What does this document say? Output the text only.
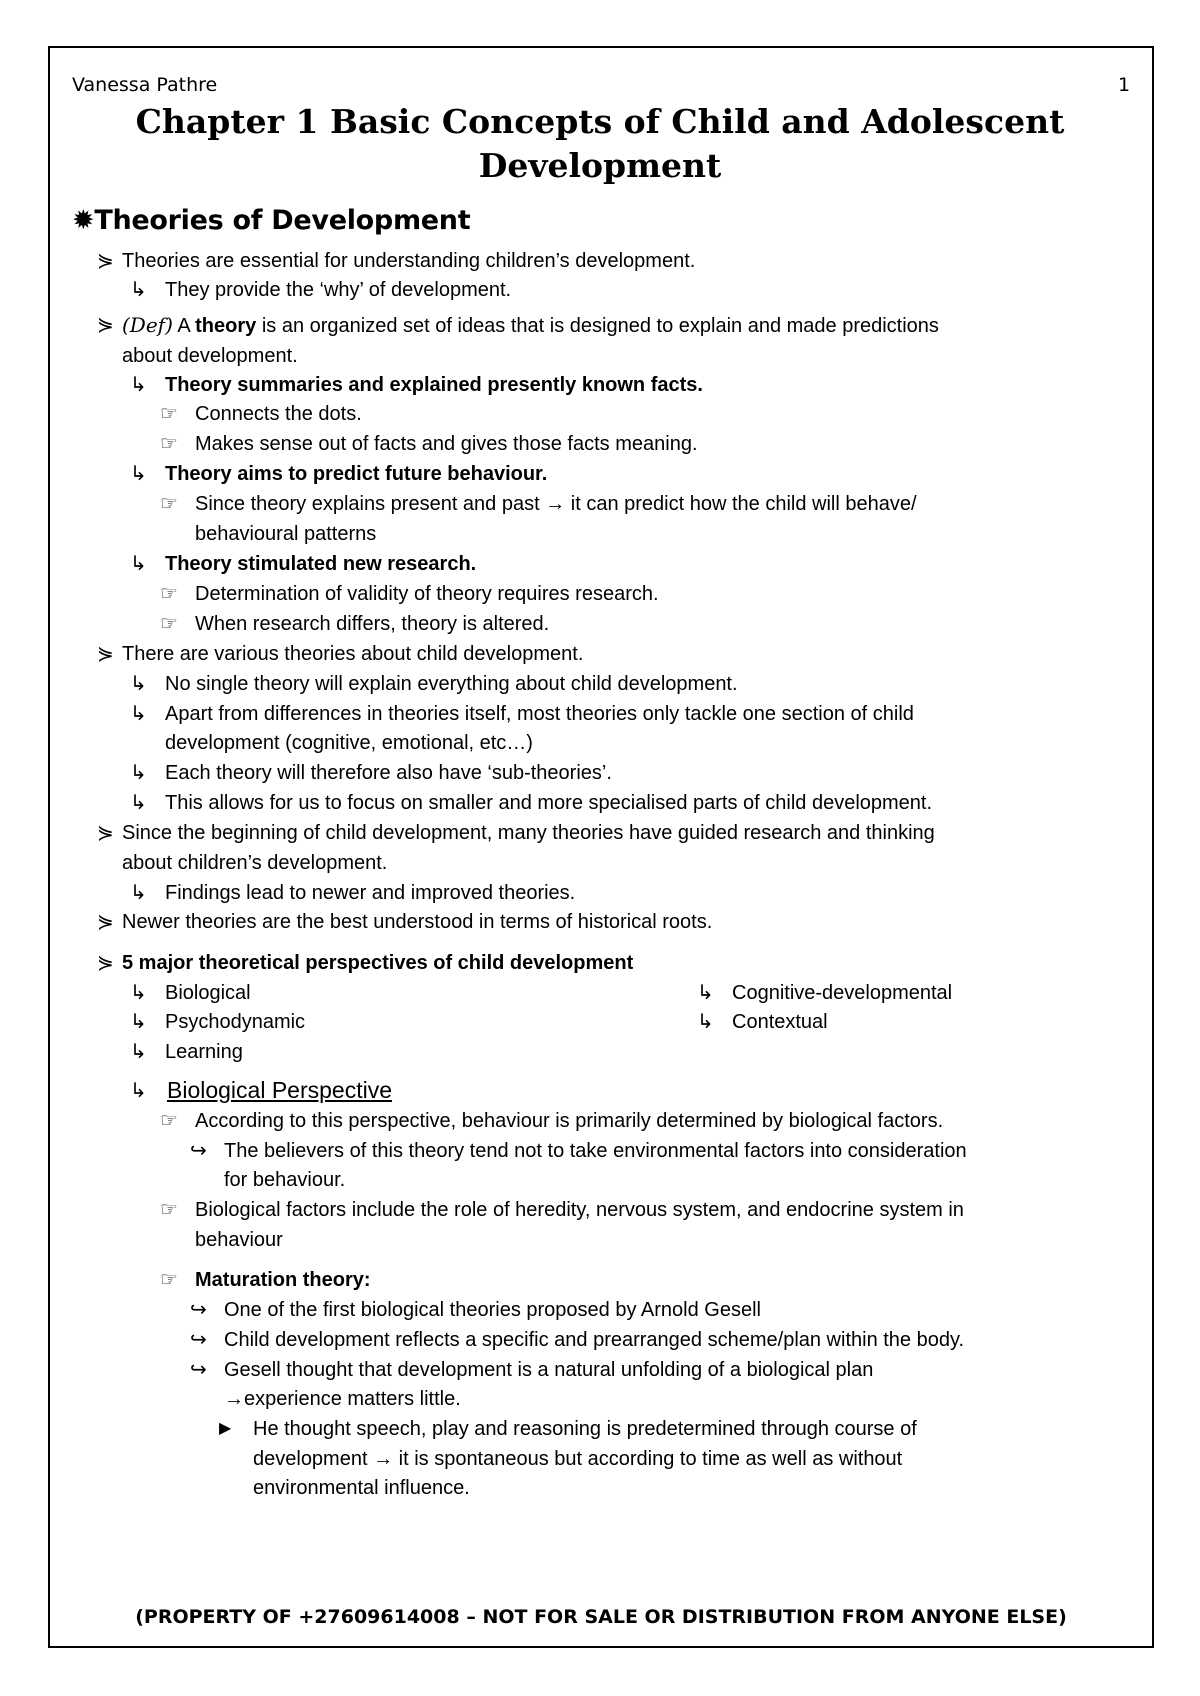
Vanessa Pathre	1
Chapter 1 Basic Concepts of Child and Adolescent
Development
✹Theories of Development
⋟ Theories are essential for understanding children’s development.
↳ They provide the ‘why’ of development.
⋟ (Def) A theory is an organized set of ideas that is designed to explain and made predictions
about development.
↳ Theory summaries and explained presently known facts.
☞ Connects the dots.
☞ Makes sense out of facts and gives those facts meaning.
↳ Theory aims to predict future behaviour.
☞ Since theory explains present and past → it can predict how the child will behave/
behavioural patterns
↳ Theory stimulated new research.
☞ Determination of validity of theory requires research.
☞ When research differs, theory is altered.
⋟ There are various theories about child development.
↳ No single theory will explain everything about child development.
↳ Apart from differences in theories itself, most theories only tackle one section of child
development (cognitive, emotional, etc…)
↳ Each theory will therefore also have ‘sub-theories’.
↳ This allows for us to focus on smaller and more specialised parts of child development.
⋟ Since the beginning of child development, many theories have guided research and thinking
about children’s development.
↳ Findings lead to newer and improved theories.
⋟ Newer theories are the best understood in terms of historical roots.
⋟ 5 major theoretical perspectives of child development
↳ Biological
↳ Psychodynamic
↳ Learning
↳ Cognitive-developmental
↳ Contextual
↳ Biological Perspective
☞ According to this perspective, behaviour is primarily determined by biological factors.
↪ The believers of this theory tend not to take environmental factors into consideration
for behaviour.
☞ Biological factors include the role of heredity, nervous system, and endocrine system in
behaviour
☞ Maturation theory:
↪ One of the first biological theories proposed by Arnold Gesell
↪ Child development reflects a specific and prearranged scheme/plan within the body.
↪ Gesell thought that development is a natural unfolding of a biological plan
→experience matters little.
▶ He thought speech, play and reasoning is predetermined through course of
development → it is spontaneous but according to time as well as without
environmental influence.
(PROPERTY OF +27609614008 – NOT FOR SALE OR DISTRIBUTION FROM ANYONE ELSE)
